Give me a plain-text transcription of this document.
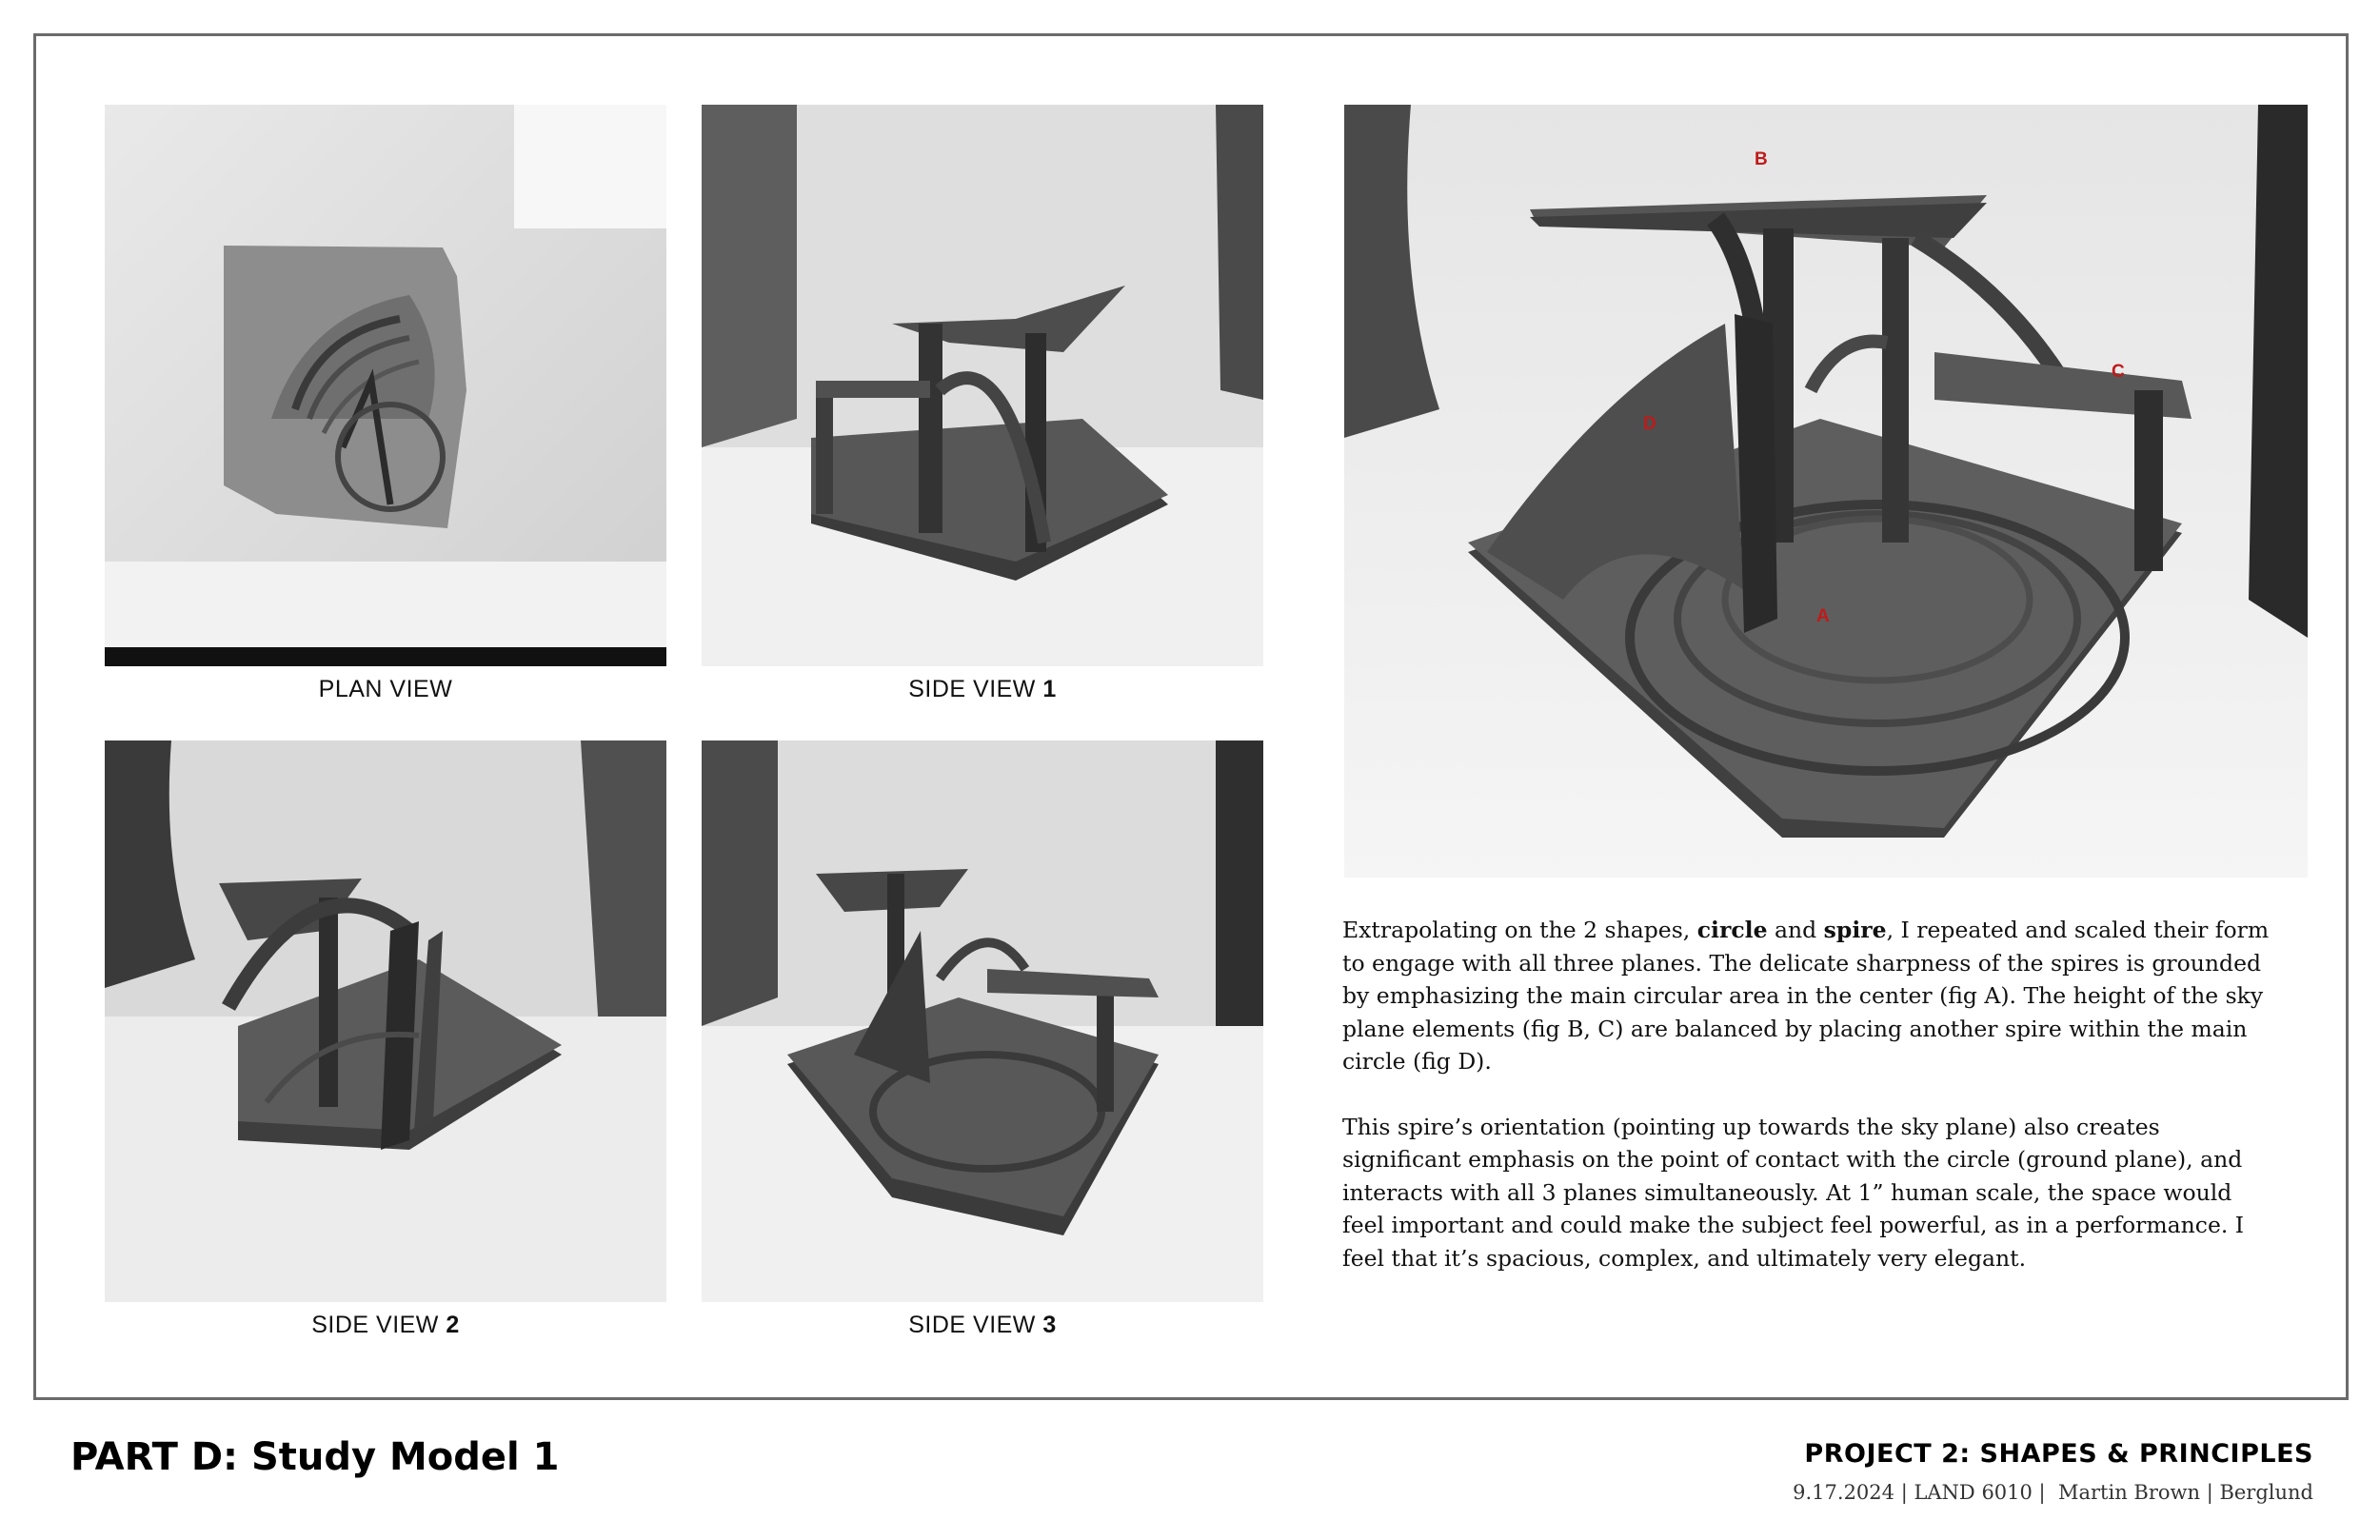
PLAN VIEW	SIDE VIEW 1
SIDE VIEW 2	SIDE VIEW 3
B
C
D
A

Extrapolating on the 2 shapes, circle and spire, I repeated and scaled their form to engage with all three planes. The delicate sharpness of the spires is grounded by emphasizing the main circular area in the center (fig A). The height of the sky plane elements (fig B, C) are balanced by placing another spire within the main circle (fig D).

This spire’s orientation (pointing up towards the sky plane) also creates significant emphasis on the point of contact with the circle (ground plane), and interacts with all 3 planes simultaneously. At 1” human scale, the space would feel important and could make the subject feel powerful, as in a performance. I feel that it’s spacious, complex, and ultimately very elegant.

PART D: Study Model 1	PROJECT 2: SHAPES & PRINCIPLES
9.17.2024 | LAND 6010 |  Martin Brown | Berglund
